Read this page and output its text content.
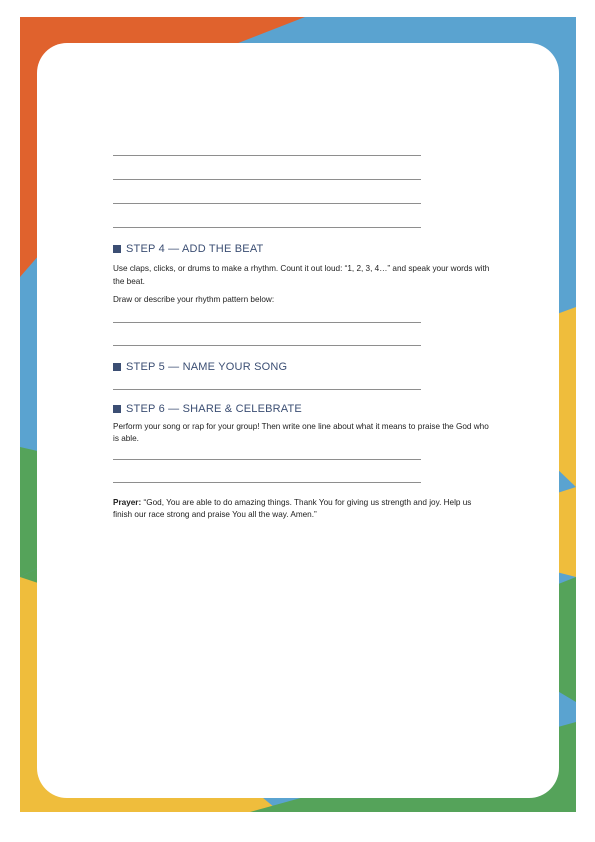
STEP 4 — ADD THE BEAT
Use claps, clicks, or drums to make a rhythm. Count it out loud: “1, 2, 3, 4…” and speak your words with the beat.
Draw or describe your rhythm pattern below:
STEP 5 — NAME YOUR SONG
STEP 6 — SHARE & CELEBRATE
Perform your song or rap for your group! Then write one line about what it means to praise the God who is able.
Prayer: “God, You are able to do amazing things. Thank You for giving us strength and joy. Help us finish our race strong and praise You all the way. Amen.”
